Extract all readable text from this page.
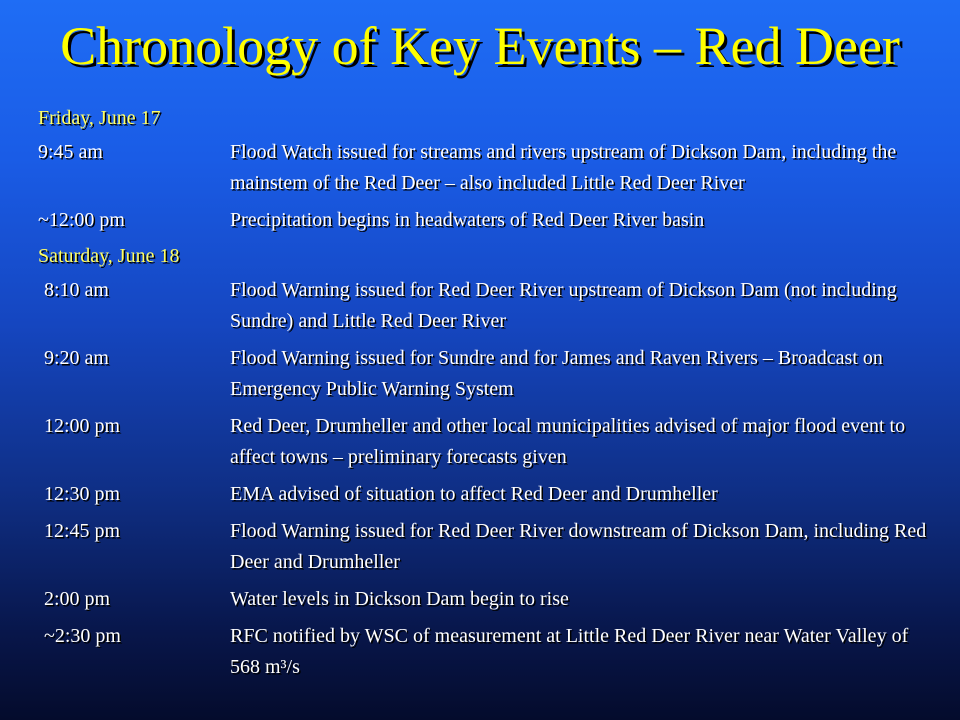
Chronology of Key Events – Red Deer

Friday, June 17

9:45 am	Flood Watch issued for streams and rivers upstream of Dickson Dam, including the mainstem of the Red Deer – also included Little Red Deer River
~12:00 pm	Precipitation begins in headwaters of Red Deer River basin

Saturday, June 18

8:10 am	Flood Warning issued for Red Deer River upstream of Dickson Dam (not including Sundre) and Little Red Deer River
9:20 am	Flood Warning issued for Sundre and for James and Raven Rivers – Broadcast on Emergency Public Warning System
12:00 pm	Red Deer, Drumheller and other local municipalities advised of major flood event to affect towns – preliminary forecasts given
12:30 pm	EMA advised of situation to affect Red Deer and Drumheller
12:45 pm	Flood Warning issued for Red Deer River downstream of Dickson Dam, including Red Deer and Drumheller
2:00 pm	Water levels in Dickson Dam begin to rise
~2:30 pm	RFC notified by WSC of measurement at Little Red Deer River near Water Valley of 568 m³/s
